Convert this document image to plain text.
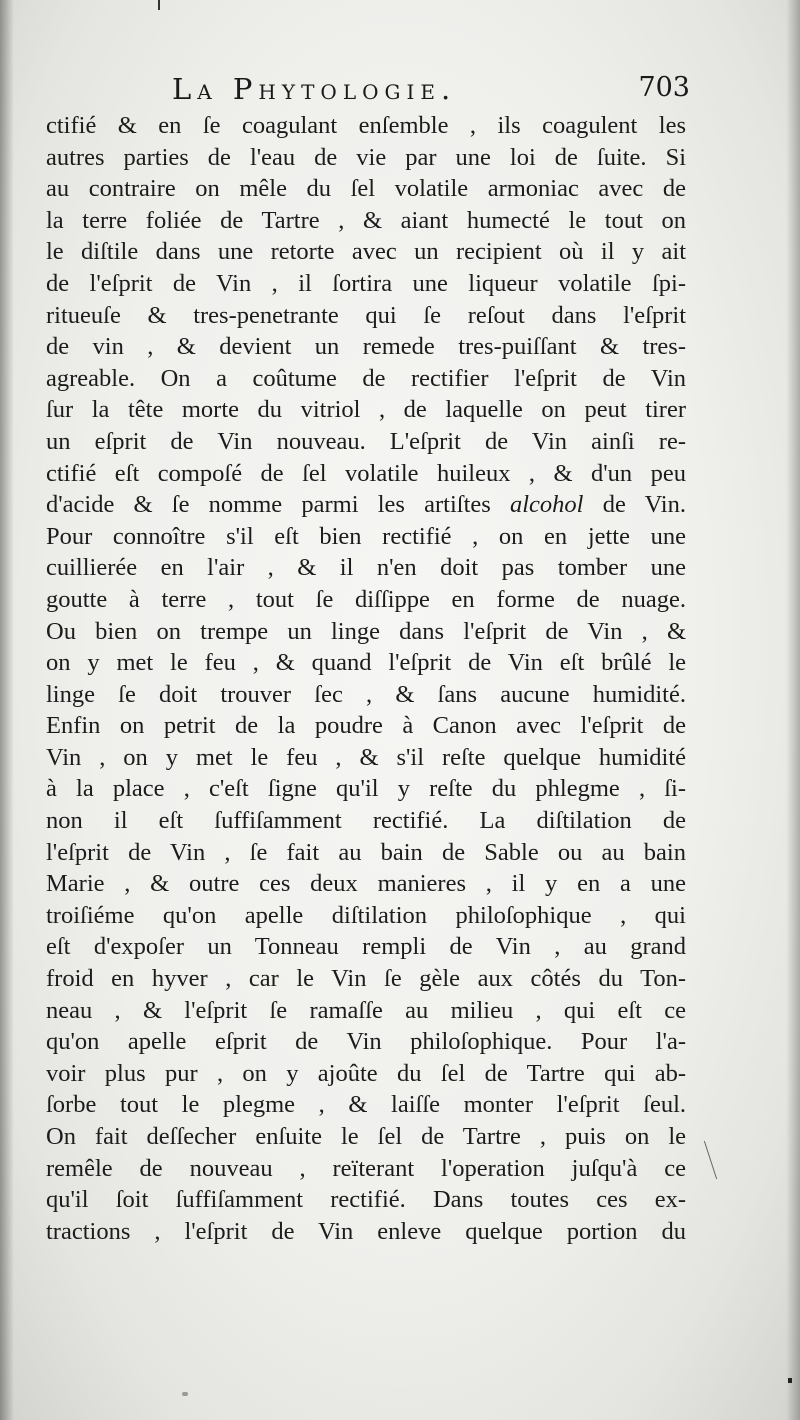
La Phytologie.	703
ctifié & en ſe coagulant enſemble , ils coagulent les
autres parties de l'eau de vie par une loi de ſuite. Si
au contraire on mêle du ſel volatile armoniac avec de
la terre foliée de Tartre , & aiant humecté le tout on
le diſtile dans une retorte avec un recipient où il y ait
de l'eſprit de Vin , il ſortira une liqueur volatile ſpi-
ritueuſe & tres-penetrante qui ſe reſout dans l'eſprit
de vin , & devient un remede tres-puiſſant & tres-
agreable. On a coûtume de rectifier l'eſprit de Vin
ſur la tête morte du vitriol , de laquelle on peut tirer
un eſprit de Vin nouveau. L'eſprit de Vin ainſi re-
ctifié eſt compoſé de ſel volatile huileux , & d'un peu
d'acide & ſe nomme parmi les artiſtes alcohol de Vin.
Pour connoître s'il eſt bien rectifié , on en jette une
cuillierée en l'air , & il n'en doit pas tomber une
goutte à terre , tout ſe diſſippe en forme de nuage.
Ou bien on trempe un linge dans l'eſprit de Vin , &
on y met le feu , & quand l'eſprit de Vin eſt brûlé le
linge ſe doit trouver ſec , & ſans aucune humidité.
Enfin on petrit de la poudre à Canon avec l'eſprit de
Vin , on y met le feu , & s'il reſte quelque humidité
à la place , c'eſt ſigne qu'il y reſte du phlegme , ſi-
non il eſt ſuffiſamment rectifié. La diſtilation de
l'eſprit de Vin , ſe fait au bain de Sable ou au bain
Marie , & outre ces deux manieres , il y en a une
troiſiéme qu'on apelle diſtilation philoſophique , qui
eſt d'expoſer un Tonneau rempli de Vin , au grand
froid en hyver , car le Vin ſe gèle aux côtés du Ton-
neau , & l'eſprit ſe ramaſſe au milieu , qui eſt ce
qu'on apelle eſprit de Vin philoſophique. Pour l'a-
voir plus pur , on y ajoûte du ſel de Tartre qui ab-
ſorbe tout le plegme , & laiſſe monter l'eſprit ſeul.
On fait deſſecher enſuite le ſel de Tartre , puis on le
remêle de nouveau , reïterant l'operation juſqu'à ce
qu'il ſoit ſuffiſamment rectifié. Dans toutes ces ex-
tractions , l'eſprit de Vin enleve quelque portion du
